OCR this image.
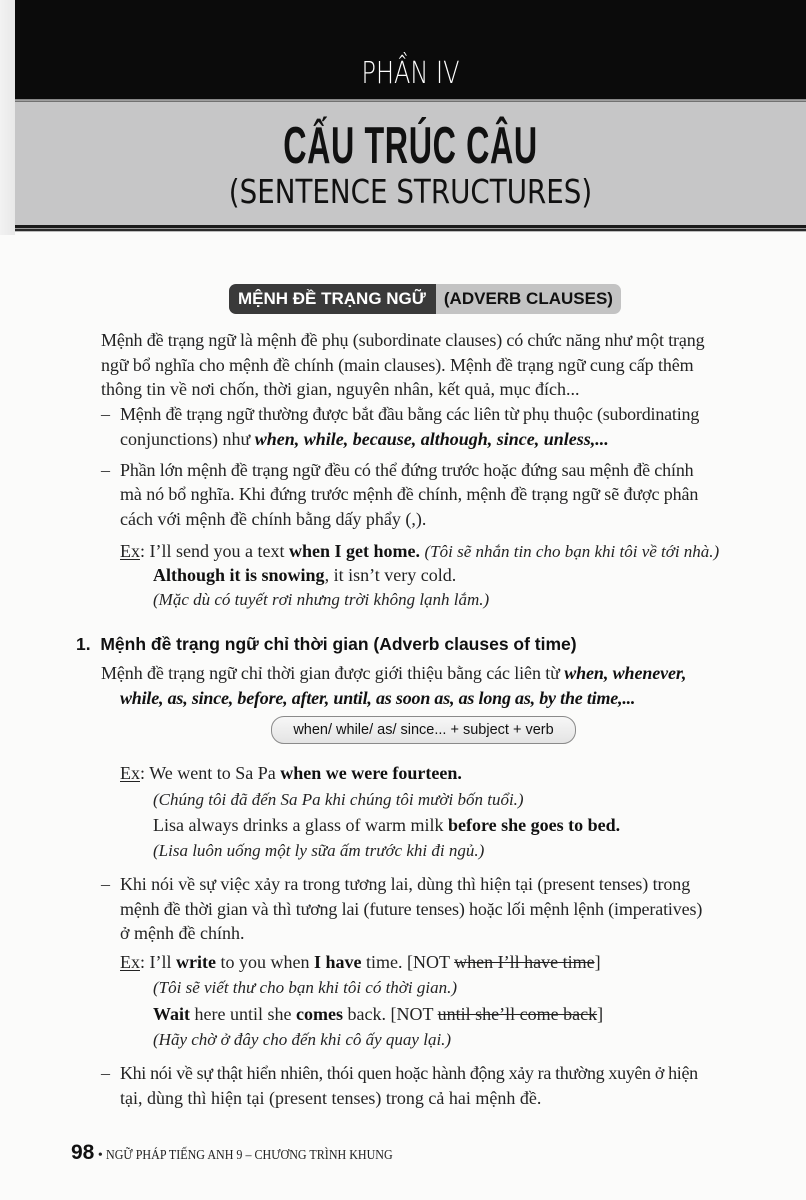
PHẦN IV
CẤU TRÚC CÂU
(SENTENCE STRUCTURES)
MỆNH ĐỀ TRẠNG NGỮ	(ADVERB CLAUSES)
Mệnh đề trạng ngữ là mệnh đề phụ (subordinate clauses) có chức năng như một trạng
ngữ bổ nghĩa cho mệnh đề chính (main clauses). Mệnh đề trạng ngữ cung cấp thêm
thông tin về nơi chốn, thời gian, nguyên nhân, kết quả, mục đích...
– Mệnh đề trạng ngữ thường được bắt đầu bằng các liên từ phụ thuộc (subordinating
conjunctions) như when, while, because, although, since, unless,...
– Phần lớn mệnh đề trạng ngữ đều có thể đứng trước hoặc đứng sau mệnh đề chính
mà nó bổ nghĩa. Khi đứng trước mệnh đề chính, mệnh đề trạng ngữ sẽ được phân
cách với mệnh đề chính bằng dấy phẩy (,).
Ex: I’ll send you a text when I get home. (Tôi sẽ nhắn tin cho bạn khi tôi về tới nhà.)
Although it is snowing, it isn’t very cold.
(Mặc dù có tuyết rơi nhưng trời không lạnh lắm.)
1. Mệnh đề trạng ngữ chỉ thời gian (Adverb clauses of time)
Mệnh đề trạng ngữ chỉ thời gian được giới thiệu bằng các liên từ when, whenever,
while, as, since, before, after, until, as soon as, as long as, by the time,...
when/ while/ as/ since... + subject + verb
Ex: We went to Sa Pa when we were fourteen.
(Chúng tôi đã đến Sa Pa khi chúng tôi mười bốn tuổi.)
Lisa always drinks a glass of warm milk before she goes to bed.
(Lisa luôn uống một ly sữa ấm trước khi đi ngủ.)
– Khi nói về sự việc xảy ra trong tương lai, dùng thì hiện tại (present tenses) trong
mệnh đề thời gian và thì tương lai (future tenses) hoặc lối mệnh lệnh (imperatives)
ở mệnh đề chính.
Ex: I’ll write to you when I have time. [NOT when I’ll have time]
(Tôi sẽ viết thư cho bạn khi tôi có thời gian.)
Wait here until she comes back. [NOT until she’ll come back]
(Hãy chờ ở đây cho đến khi cô ấy quay lại.)
– Khi nói về sự thật hiển nhiên, thói quen hoặc hành động xảy ra thường xuyên ở hiện
tại, dùng thì hiện tại (present tenses) trong cả hai mệnh đề.
98 • NGỮ PHÁP TIẾNG ANH 9 – CHƯƠNG TRÌNH KHUNG
